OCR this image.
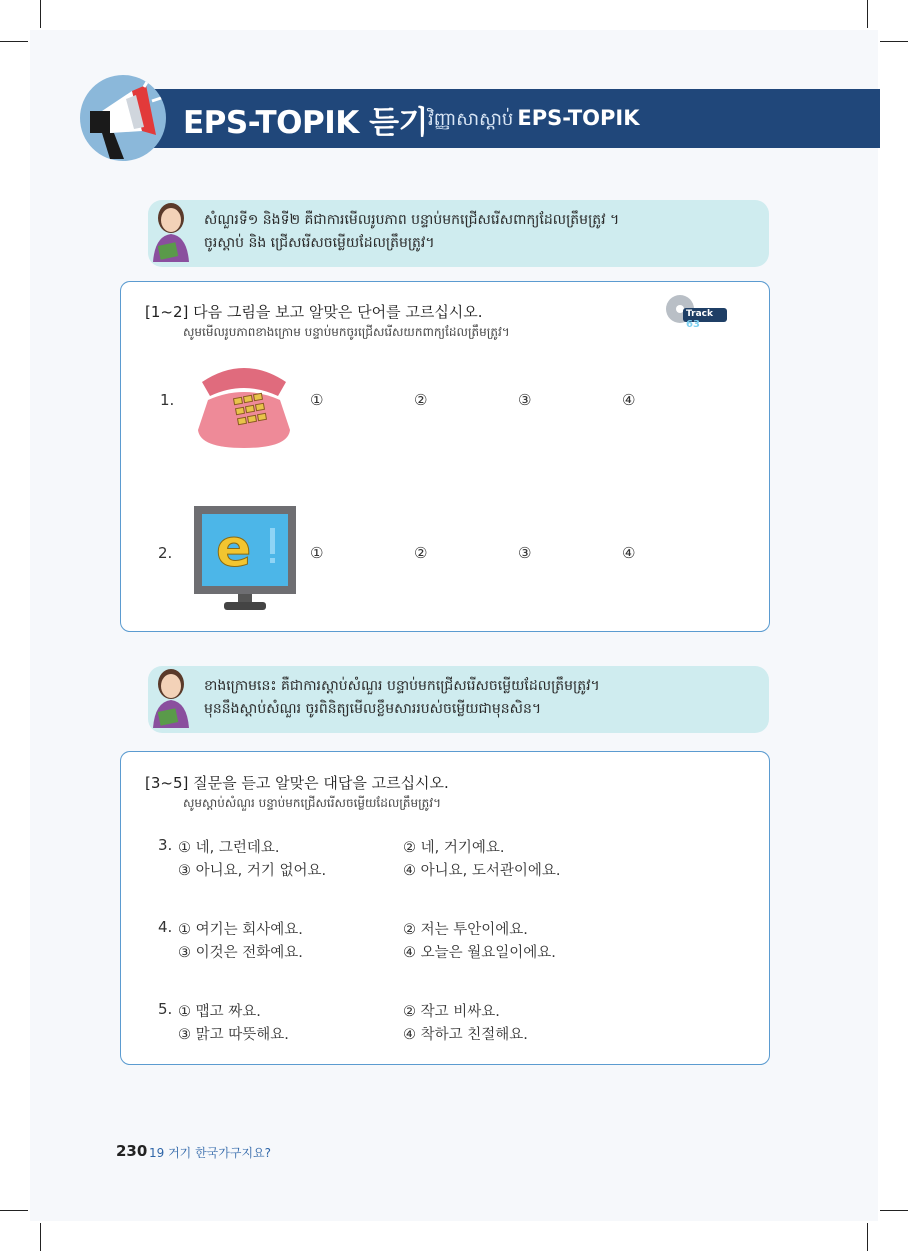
EPS-TOPIK 듣기 វិញ្ញាសាស្តាប់ EPS-TOPIK
សំណួរទី១ និងទី២ គឺជាការមើលរូបភាព បន្ទាប់មកជ្រើសរើសពាក្យដែលត្រឹមត្រូវ ។
ចូរស្តាប់ និង ជ្រើសរើសចម្លើយដែលត្រឹមត្រូវ។
[1~2] 다음 그림을 보고 알맞은 단어를 고르십시오.
សូមមើលរូបភាពខាងក្រោម បន្ទាប់មកចូរជ្រើសរើសយកពាក្យដែលត្រឹមត្រូវ។
Track 63
1.	①	②	③	④
2. e	①	②	③	④
ខាងក្រោមនេះ គឺជាការស្តាប់សំណួរ បន្ទាប់មកជ្រើសរើសចម្លើយដែលត្រឹមត្រូវ។
មុននឹងស្តាប់សំណួរ ចូរពិនិត្យមើលខ្លឹមសាររបស់ចម្លើយជាមុនសិន។
[3~5] 질문을 듣고 알맞은 대답을 고르십시오.
សូមស្តាប់សំណួរ បន្ទាប់មកជ្រើសរើសចម្លើយដែលត្រឹមត្រូវ។
3. ① 네, 그런데요.	② 네, 거기예요.
③ 아니요, 거기 없어요.	④ 아니요, 도서관이에요.
4. ① 여기는 회사예요.	② 저는 투안이에요.
③ 이것은 전화예요.	④ 오늘은 월요일이에요.
5. ① 맵고 짜요.	② 작고 비싸요.
③ 맑고 따뜻해요.	④ 착하고 친절해요.
230 19 거기 한국가구지요?
